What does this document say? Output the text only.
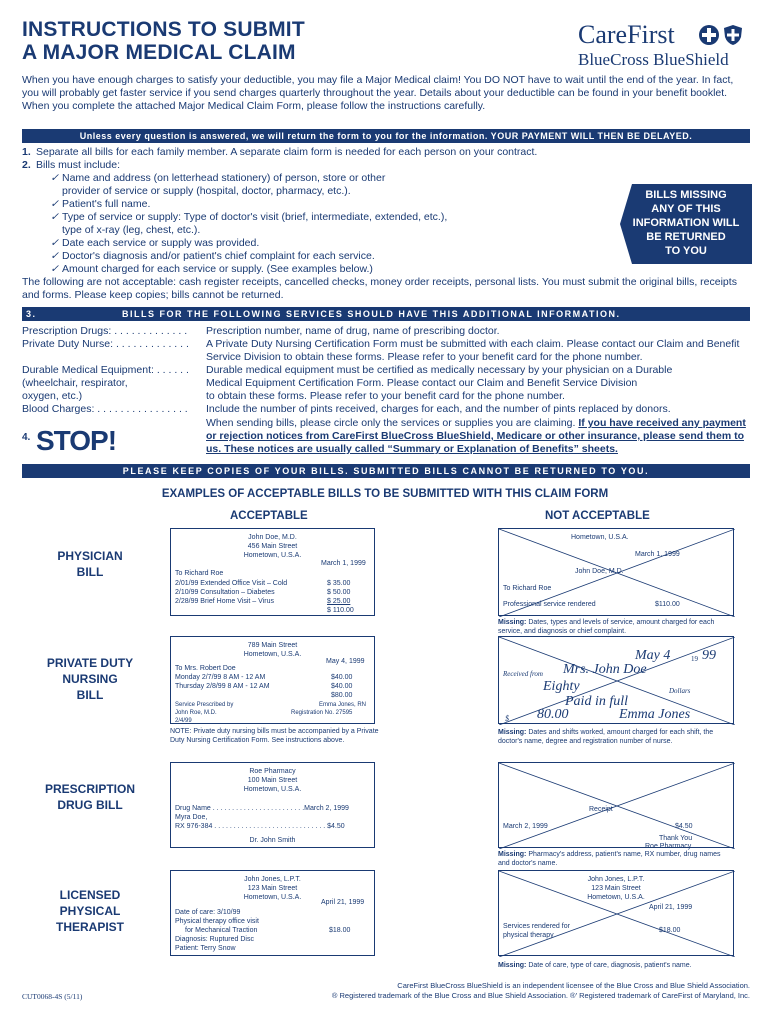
INSTRUCTIONS TO SUBMIT
A MAJOR MEDICAL CLAIM
CareFirst
BlueCross BlueShield
When you have enough charges to satisfy your deductible, you may file a Major Medical claim! You DO NOT have to wait until the end of the year. In fact, you will probably get faster service if you send charges quarterly throughout the year. Details about your deductible can be found in your benefit booklet.
When you complete the attached Major Medical Claim Form, please follow the instructions carefully.
Unless every question is answered, we will return the form to you for the information. YOUR PAYMENT WILL THEN BE DELAYED.
1. Separate all bills for each family member. A separate claim form is needed for each person on your contract.
2. Bills must include:
✓ Name and address (on letterhead stationery) of person, store or other
provider of service or supply (hospital, doctor, pharmacy, etc.).
✓ Patient's full name.
✓ Type of service or supply: Type of doctor's visit (brief, intermediate, extended, etc.),
type of x-ray (leg, chest, etc.).
✓ Date each service or supply was provided.
✓ Doctor's diagnosis and/or patient's chief complaint for each service.
✓ Amount charged for each service or supply. (See examples below.)
The following are not acceptable: cash register receipts, cancelled checks, money order receipts, personal lists. You must submit the original bills, receipts and forms. Please keep copies; bills cannot be returned.
BILLS MISSING
ANY OF THIS
INFORMATION WILL
BE RETURNED
TO YOU
3.	BILLS FOR THE FOLLOWING SERVICES SHOULD HAVE THIS ADDITIONAL INFORMATION.
Prescription Drugs: . . . . . . . . . . . . .	Prescription number, name of drug, name of prescribing doctor.
Private Duty Nurse: . . . . . . . . . . . . .	A Private Duty Nursing Certification Form must be submitted with each claim. Please contact our Claim and Benefit Service Division to obtain these forms. Please refer to your benefit card for the phone number.
Durable Medical Equipment: . . . . . .	Durable medical equipment must be certified as medically necessary by your physician on a Durable
(wheelchair, respirator,	Medical Equipment Certification Form. Please contact our Claim and Benefit Service Division
oxygen, etc.)	to obtain these forms. Please refer to your benefit card for the phone number.
Blood Charges: . . . . . . . . . . . . . . . .	Include the number of pints received, charges for each, and the number of pints replaced by donors.
4. STOP!
When sending bills, please circle only the services or supplies you are claiming. If you have received any payment or rejection notices from CareFirst BlueCross BlueShield, Medicare or other insurance, please send them to us. These notices are usually called “Summary or Explanation of Benefits” sheets.
PLEASE KEEP COPIES OF YOUR BILLS. SUBMITTED BILLS CANNOT BE RETURNED TO YOU.
EXAMPLES OF ACCEPTABLE BILLS TO BE SUBMITTED WITH THIS CLAIM FORM
ACCEPTABLE	NOT ACCEPTABLE
PHYSICIAN
BILL
John Doe, M.D.
456 Main Street
Hometown, U.S.A.
March 1, 1999
To Richard Roe
2/01/99 Extended Office Visit – Cold	$ 35.00
2/10/99 Consultation – Diabetes	$ 50.00
2/28/99 Brief Home Visit – Virus	$ 25.00
$ 110.00
Hometown, U.S.A.
March 1, 1999
John Doe, M.D.
To Richard Roe
Professional service rendered	$110.00
Missing: Dates, types and levels of service, amount charged for each service, and diagnosis or chief complaint.
PRIVATE DUTY
NURSING
BILL
789 Main Street
Hometown, U.S.A.
May 4, 1999
To Mrs. Robert Doe
Monday 2/7/99 8 AM - 12 AM	$40.00
Thursday 2/8/99 8 AM - 12 AM	$40.00
$80.00
Service Prescribed by
John Roe, M.D.
2/4/99
Emma Jones, RN
Registration No. 27595
NOTE: Private duty nursing bills must be accompanied by a Private Duty Nursing Certification Form. See instructions above.
May 4	19 99
Received from Mrs. John Doe
Eighty	Dollars
Paid in full
$ 80.00	Emma Jones
Missing: Dates and shifts worked, amount charged for each shift, the doctor's name, degree and registration number of nurse.
PRESCRIPTION
DRUG BILL
Roe Pharmacy
100 Main Street
Hometown, U.S.A.
Drug Name . . . . . . . . . . . . . . . . . . . . . . . .March 2, 1999
Myra Doe,
RX 976-384 . . . . . . . . . . . . . . . . . . . . . . . . . . . . . $4.50
Dr. John Smith
Receipt
March 2, 1999	$4.50
Thank You
Roe Pharmacy
Missing: Pharmacy's address, patient's name, RX number, drug names and doctor's name.
LICENSED
PHYSICAL
THERAPIST
John Jones, L.P.T.
123 Main Street
Hometown, U.S.A.
April 21, 1999
Date of care: 3/10/99
Physical therapy office visit
for Mechanical Traction	$18.00
Diagnosis: Ruptured Disc
Patient: Terry Snow
John Jones, L.P.T.
123 Main Street
Hometown, U.S.A.
April 21, 1999
Services rendered for
physical therapy
$18.00
Missing: Date of care, type of care, diagnosis, patient's name.
CUT0068-4S (5/11)
CareFirst BlueCross BlueShield is an independent licensee of the Blue Cross and Blue Shield Association.
® Registered trademark of the Blue Cross and Blue Shield Association. ®' Registered trademark of CareFirst of Maryland, Inc.
